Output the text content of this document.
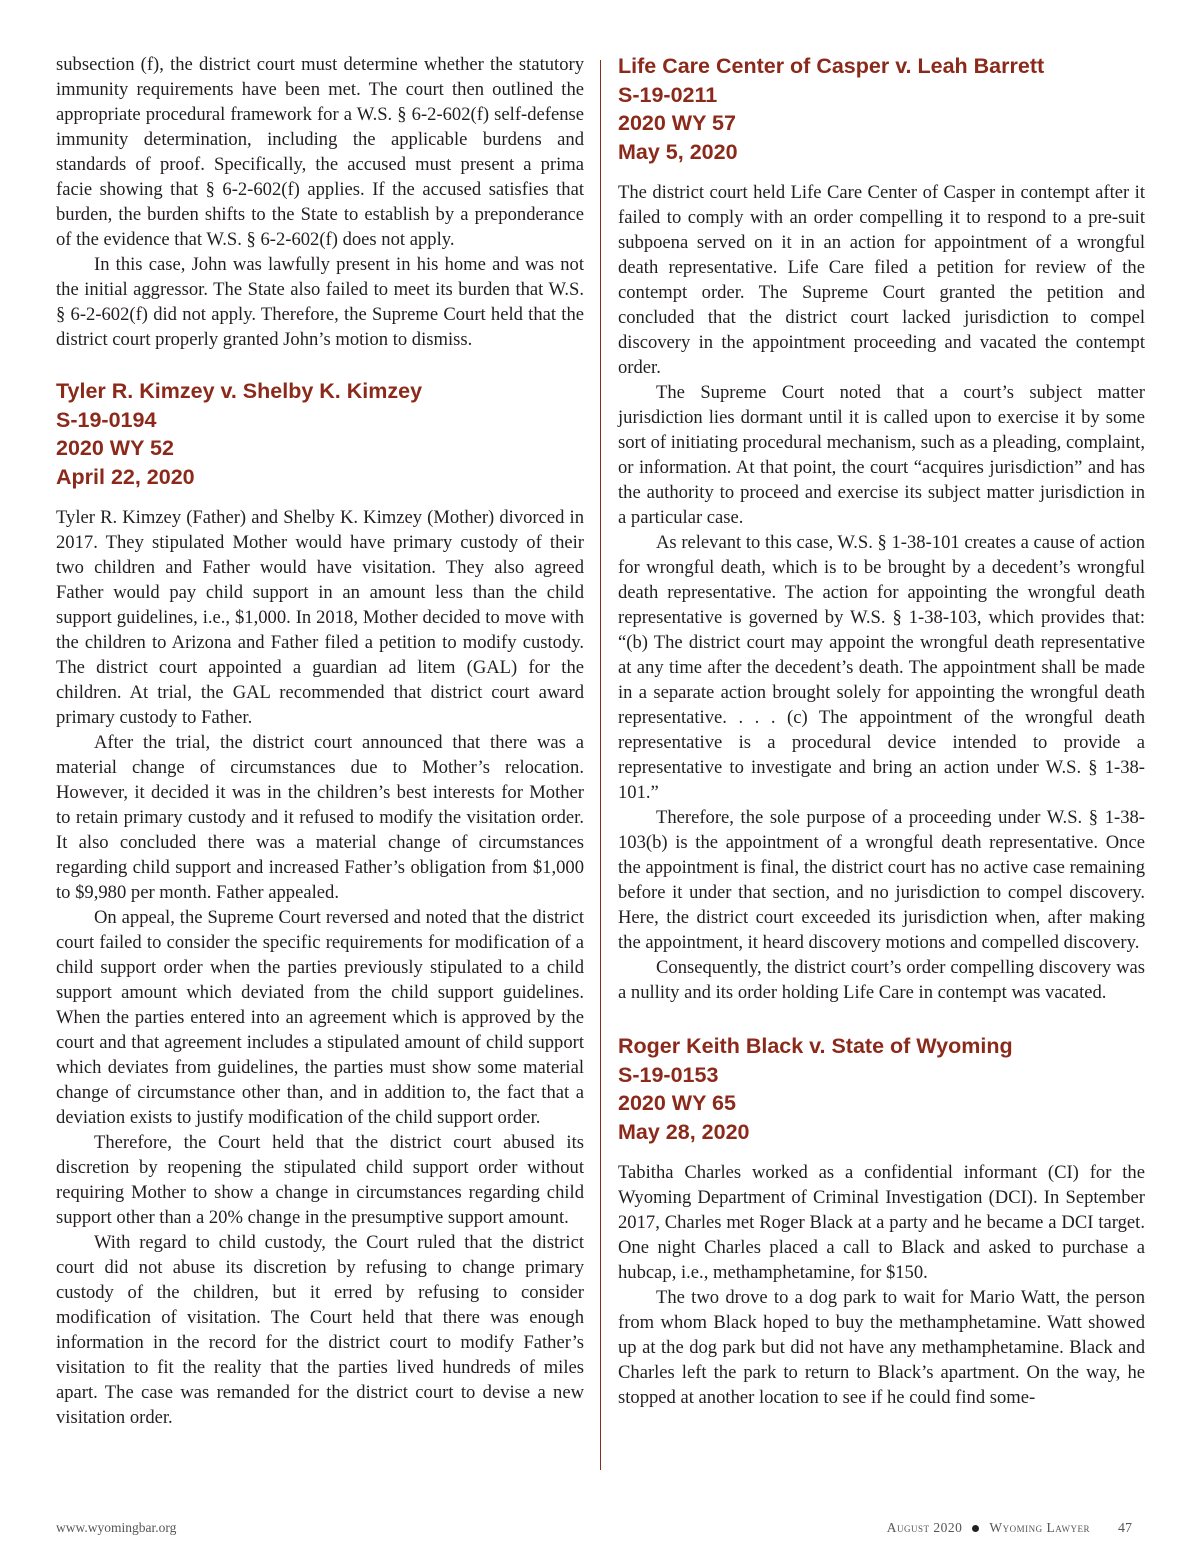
subsection (f), the district court must determine whether the statutory immunity requirements have been met. The court then outlined the appropriate procedural framework for a W.S. § 6-2-602(f) self-defense immunity determination, including the applicable burdens and standards of proof. Specifically, the accused must present a prima facie showing that § 6-2-602(f) applies. If the accused satisfies that burden, the burden shifts to the State to establish by a preponderance of the evidence that W.S. § 6-2-602(f) does not apply.

In this case, John was lawfully present in his home and was not the initial aggressor. The State also failed to meet its burden that W.S. § 6-2-602(f) did not apply. Therefore, the Supreme Court held that the district court properly granted John’s motion to dismiss.

Tyler R. Kimzey v. Shelby K. Kimzey
S-19-0194
2020 WY 52
April 22, 2020

Tyler R. Kimzey (Father) and Shelby K. Kimzey (Mother) divorced in 2017. They stipulated Mother would have primary custody of their two children and Father would have visitation. They also agreed Father would pay child support in an amount less than the child support guidelines, i.e., $1,000. In 2018, Mother decided to move with the children to Arizona and Father filed a petition to modify custody. The district court appointed a guardian ad litem (GAL) for the children. At trial, the GAL recommended that district court award primary custody to Father.

After the trial, the district court announced that there was a material change of circumstances due to Mother’s relocation. However, it decided it was in the children’s best interests for Mother to retain primary custody and it refused to modify the visitation order. It also concluded there was a material change of circumstances regarding child support and increased Father’s obligation from $1,000 to $9,980 per month. Father appealed.

On appeal, the Supreme Court reversed and noted that the district court failed to consider the specific requirements for modification of a child support order when the parties previously stipulated to a child support amount which deviated from the child support guidelines. When the parties entered into an agreement which is approved by the court and that agreement includes a stipulated amount of child support which deviates from guidelines, the parties must show some material change of circumstance other than, and in addition to, the fact that a deviation exists to justify modification of the child support order.

Therefore, the Court held that the district court abused its discretion by reopening the stipulated child support order without requiring Mother to show a change in circumstances regarding child support other than a 20% change in the presumptive support amount.

With regard to child custody, the Court ruled that the district court did not abuse its discretion by refusing to change primary custody of the children, but it erred by refusing to consider modification of visitation. The Court held that there was enough information in the record for the district court to modify Father’s visitation to fit the reality that the parties lived hundreds of miles apart. The case was remanded for the district court to devise a new visitation order.

Life Care Center of Casper v. Leah Barrett
S-19-0211
2020 WY 57
May 5, 2020

The district court held Life Care Center of Casper in contempt after it failed to comply with an order compelling it to respond to a pre-suit subpoena served on it in an action for appointment of a wrongful death representative. Life Care filed a petition for review of the contempt order. The Supreme Court granted the petition and concluded that the district court lacked jurisdiction to compel discovery in the appointment proceeding and vacated the contempt order.

The Supreme Court noted that a court’s subject matter jurisdiction lies dormant until it is called upon to exercise it by some sort of initiating procedural mechanism, such as a pleading, complaint, or information. At that point, the court “acquires jurisdiction” and has the authority to proceed and exercise its subject matter jurisdiction in a particular case.

As relevant to this case, W.S. § 1-38-101 creates a cause of action for wrongful death, which is to be brought by a decedent’s wrongful death representative. The action for appointing the wrongful death representative is governed by W.S. § 1-38-103, which provides that: “(b) The district court may appoint the wrongful death representative at any time after the decedent’s death. The appointment shall be made in a separate action brought solely for appointing the wrongful death representative. . . . (c) The appointment of the wrongful death representative is a procedural device intended to provide a representative to investigate and bring an action under W.S. § 1-38-101.”

Therefore, the sole purpose of a proceeding under W.S. § 1-38-103(b) is the appointment of a wrongful death representative. Once the appointment is final, the district court has no active case remaining before it under that section, and no jurisdiction to compel discovery. Here, the district court exceeded its jurisdiction when, after making the appointment, it heard discovery motions and compelled discovery.

Consequently, the district court’s order compelling discovery was a nullity and its order holding Life Care in contempt was vacated.

Roger Keith Black v. State of Wyoming
S-19-0153
2020 WY 65
May 28, 2020

Tabitha Charles worked as a confidential informant (CI) for the Wyoming Department of Criminal Investigation (DCI). In September 2017, Charles met Roger Black at a party and he became a DCI target. One night Charles placed a call to Black and asked to purchase a hubcap, i.e., methamphetamine, for $150.

The two drove to a dog park to wait for Mario Watt, the person from whom Black hoped to buy the methamphetamine. Watt showed up at the dog park but did not have any methamphetamine. Black and Charles left the park to return to Black’s apartment. On the way, he stopped at another location to see if he could find some-

www.wyomingbar.org	August 2020 Wyoming Lawyer 47
